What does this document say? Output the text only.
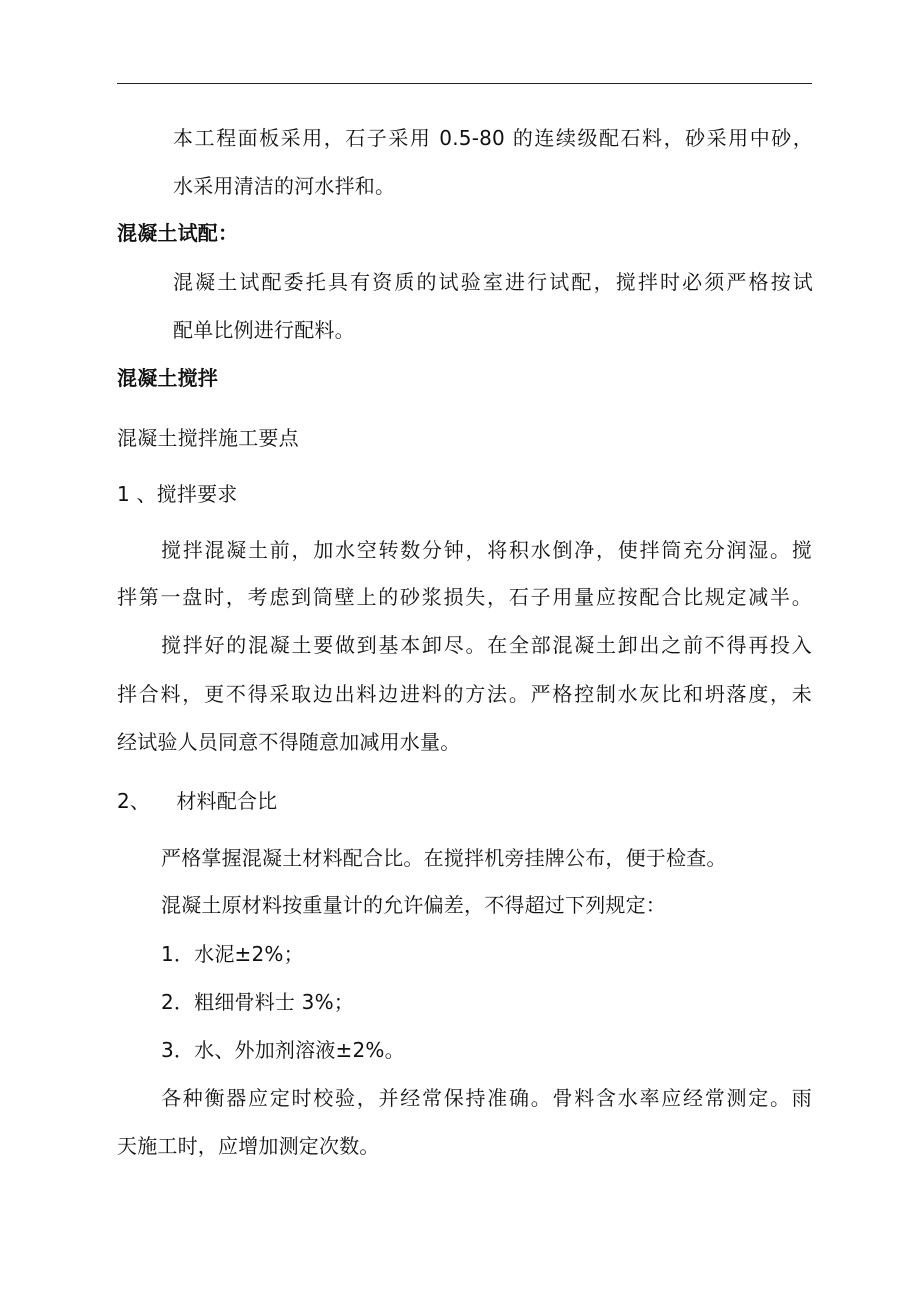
本工程面板采用，石子采用 0.5-80 的连续级配石料，砂采用中砂，
水采用清洁的河水拌和。
混凝土试配：
混凝土试配委托具有资质的试验室进行试配，搅拌时必须严格按试
配单比例进行配料。
混凝土搅拌
混凝土搅拌施工要点
1 、搅拌要求
搅拌混凝土前，加水空转数分钟，将积水倒净，使拌筒充分润湿。搅
拌第一盘时，考虑到筒壁上的砂浆损失，石子用量应按配合比规定减半。
搅拌好的混凝土要做到基本卸尽。在全部混凝土卸出之前不得再投入
拌合料，更不得采取边出料边进料的方法。严格控制水灰比和坍落度，未
经试验人员同意不得随意加减用水量。
2、    材料配合比
严格掌握混凝土材料配合比。在搅拌机旁挂牌公布，便于检查。
混凝土原材料按重量计的允许偏差，不得超过下列规定：
1．水泥±2%；
2．粗细骨料士 3%；
3．水、外加剂溶液±2%。
各种衡器应定时校验，并经常保持准确。骨料含水率应经常测定。雨
天施工时，应增加测定次数。
